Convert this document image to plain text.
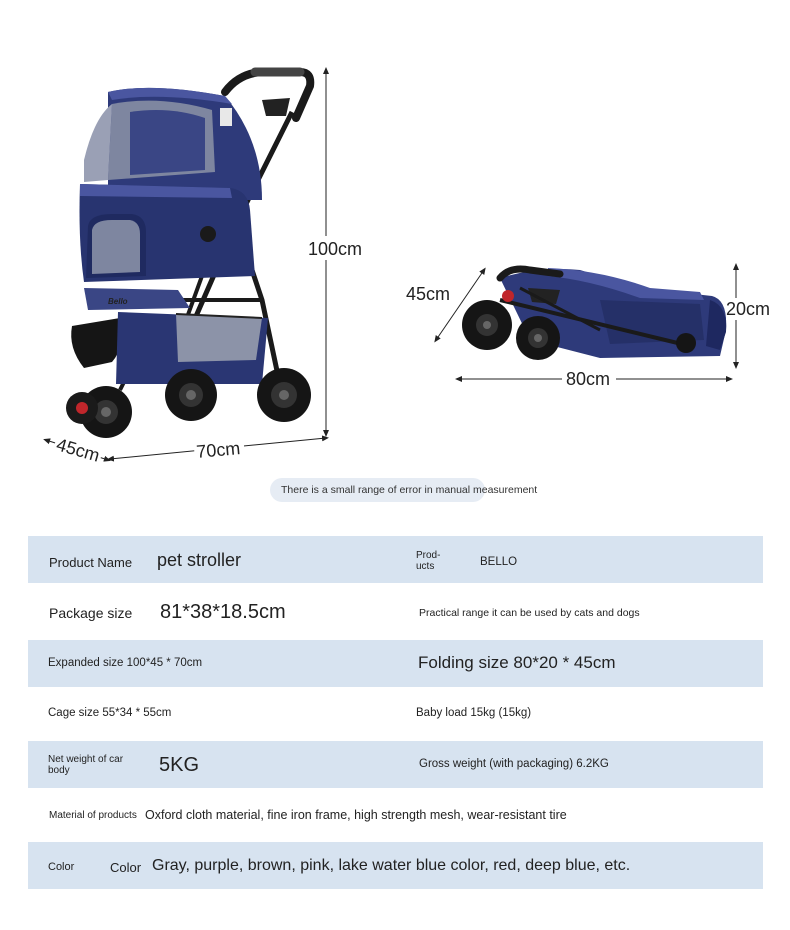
Bello
100cm
70cm
45cm
20cm
80cm
45cm
There is a small range of error in manual measurement
Product Name pet stroller	Prod-
ucts	BELLO
Package size 81*38*18.5cm	Practical range it can be used by cats and dogs
Expanded size 100*45 * 70cm	Folding size 80*20 * 45cm
Cage size 55*34 * 55cm	Baby load 15kg (15kg)
Net weight of car
body	5KG	Gross weight (with packaging) 6.2KG
Material of products Oxford cloth material, fine iron frame, high strength mesh, wear-resistant tire
Color	Color Gray, purple, brown, pink, lake water blue color, red, deep blue, etc.
